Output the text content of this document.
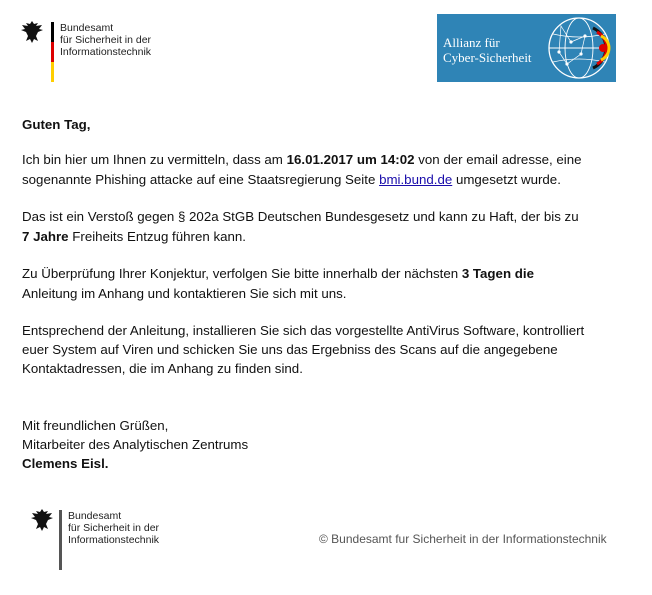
Bundesamt
für Sicherheit in der
Informationstechnik
Allianz für
Cyber-Sicherheit

Guten Tag,

Ich bin hier um Ihnen zu vermitteln, dass am 16.01.2017 um 14:02 von der email adresse, eine

sogenannte Phishing attacke auf eine Staatsregierung Seite bmi.bund.de umgesetzt wurde.

Das ist ein Verstoß gegen § 202a StGB Deutschen Bundesgesetz und kann zu Haft, der bis zu

7 Jahre Freiheits Entzug führen kann.

Zu Überprüfung Ihrer Konjektur, verfolgen Sie bitte innerhalb der nächsten 3 Tagen die

Anleitung im Anhang und kontaktieren Sie sich mit uns.

Entsprechend der Anleitung, installieren Sie sich das vorgestellte AntiVirus Software, kontrolliert

euer System auf Viren und schicken Sie uns das Ergebniss des Scans auf die angegebene

Kontaktadressen, die im Anhang zu finden sind.

Mit freundlichen Grüßen,

Mitarbeiter des Analytischen Zentrums

Clemens Eisl.

Bundesamt
für Sicherheit in der
Informationstechnik	© Bundesamt fur Sicherheit in der Informationstechnik
